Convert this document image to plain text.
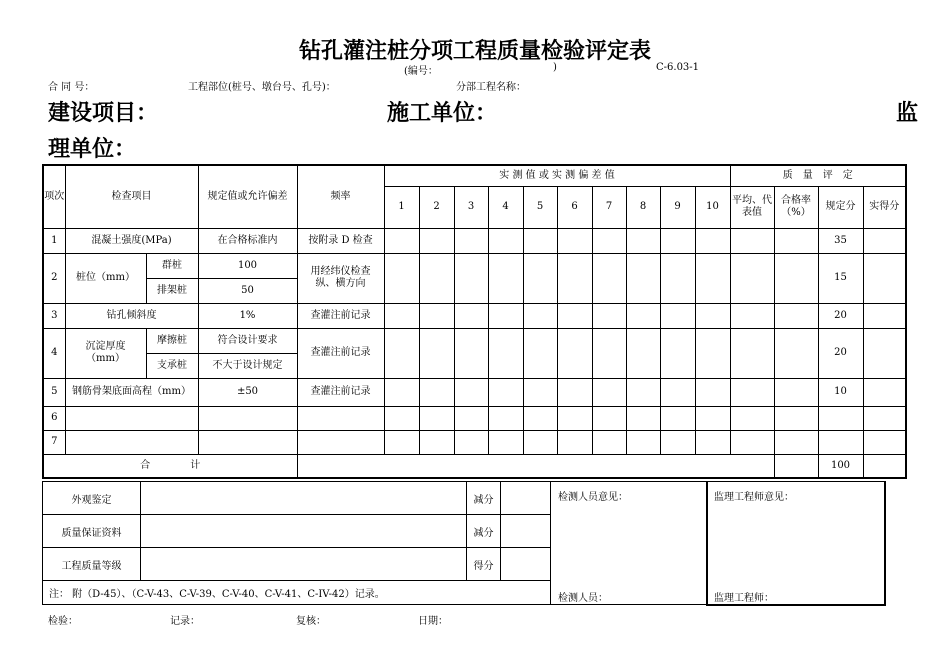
钻孔灌注桩分项工程质量检验评定表
(编号：	)	C-6.03-1
合 同 号：	工程部位(桩号、墩台号、孔号)：	分部工程名称：
建设项目：	施工单位：	监
理单位：
项次	检查项目		规定值或允许偏差	频率	实 测 值 或 实 测 偏 差 值										质　量　评　定			
					1	2	3	4	5	6	7	8	9	10	平均、代表值	合格率（%）	规定分	实得分
1	混凝土强度(MPa)		在合格标准内	按附录 D 检查													35	
2	桩位（mm）	群桩	100	用经纬仪检查纵、横方向													15	
		排架桩	50															
3	钻孔倾斜度		1%	查灌注前记录													20	
4	沉淀厚度（mm）	摩擦桩	符合设计要求	查灌注前记录													20	
		支承桩	不大于设计规定															
5	钢筋骨架底面高程（mm）		±50	查灌注前记录													10	
6																		
7																		
合　　　　计																	100	
外观鉴定		减分	
质量保证资料		减分	
工程质量等级		得分	
注： 附（D-45）、（C-V-43、C-V-39、C-V-40、C-V-41、C-IV-42）记录。			
检测人员意见：
检测人员：
监理工程师意见：
监理工程师：
检验：	记录：	复核：	日期：
